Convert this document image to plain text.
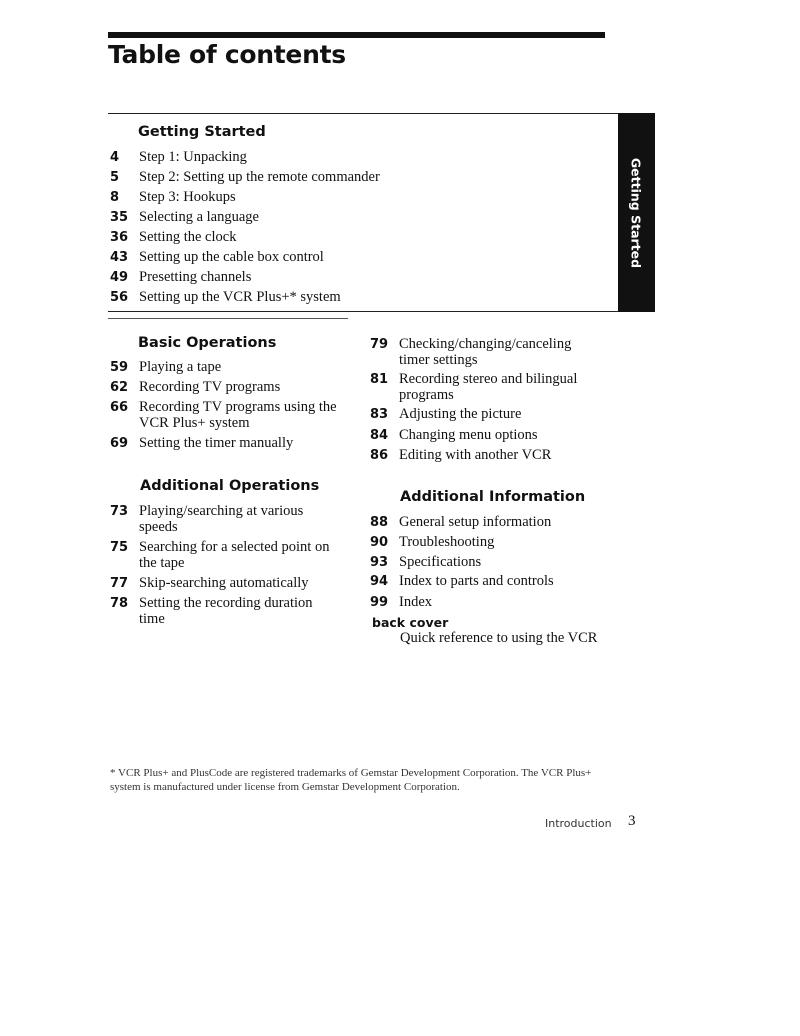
Table of contents
Getting Started
Getting Started
4	Step 1: Unpacking
5	Step 2: Setting up the remote commander
8	Step 3: Hookups
35 Selecting a language
36 Setting the clock
43 Setting up the cable box control
49 Presetting channels
56 Setting up the VCR Plus+* system
Basic Operations
59 Playing a tape
62 Recording TV programs
66 Recording TV programs using the VCR Plus+ system
69 Setting the timer manually
Additional Operations
73 Playing/searching at various speeds
75 Searching for a selected point on the tape
77 Skip-searching automatically
78 Setting the recording duration time
79 Checking/changing/canceling timer settings
81 Recording stereo and bilingual programs
83 Adjusting the picture
84 Changing menu options
86 Editing with another VCR
Additional Information
88 General setup information
90 Troubleshooting
93 Specifications
94 Index to parts and controls
99 Index
back cover
Quick reference to using the VCR
* VCR Plus+ and PlusCode are registered trademarks of Gemstar Development Corporation. The VCR Plus+ system is manufactured under license from Gemstar Development Corporation.
Introduction 3
